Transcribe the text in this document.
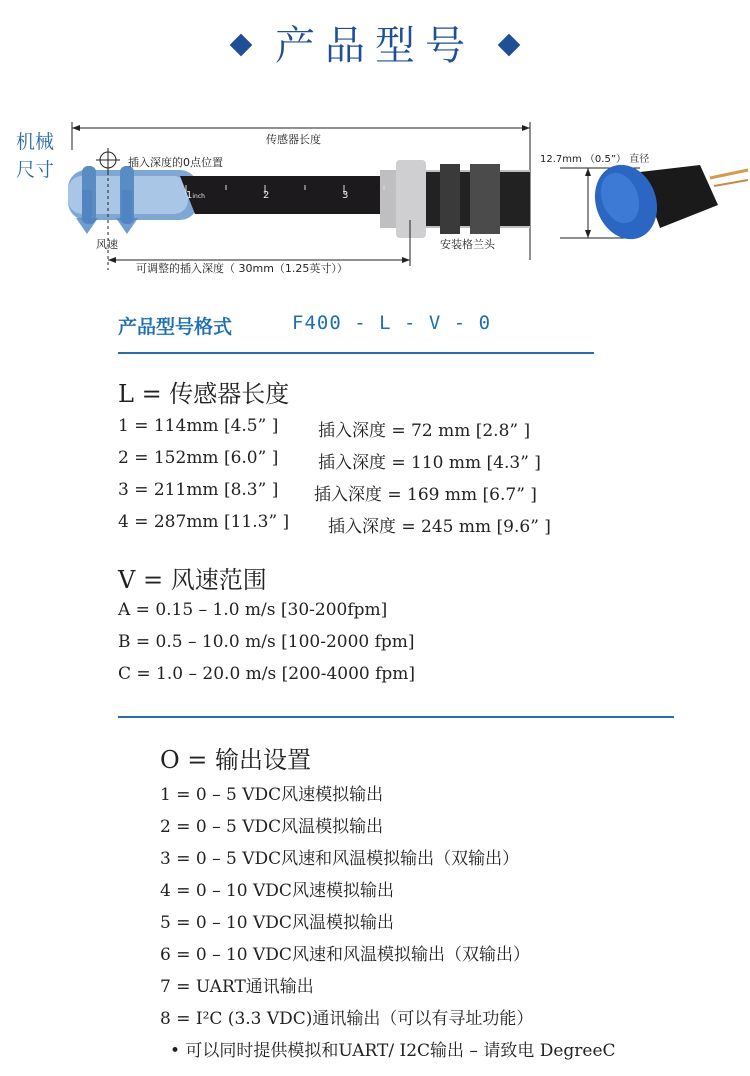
产品型号
机械尺寸
传感器长度
插入深度的0点位置
风速
可调整的插入深度（ 30mm（1.25英寸））
安装格兰头
12.7mm （0.5”） 直径
1inch	2	3
产品型号格式	F400 - L - V - 0
L = 传感器长度
1 = 114mm [4.5” ] 插入深度 = 72 mm [2.8” ]
2 = 152mm [6.0” ] 插入深度 = 110 mm [4.3” ]
3 = 211mm [8.3” ] 插入深度 = 169 mm [6.7” ]
4 = 287mm [11.3” ] 插入深度 = 245 mm [9.6” ]
V = 风速范围
A = 0.15 – 1.0 m/s [30-200fpm]
B = 0.5 – 10.0 m/s [100-2000 fpm]
C = 1.0 – 20.0 m/s [200-4000 fpm]
O = 输出设置
1 = 0 – 5 VDC风速模拟输出
2 = 0 – 5 VDC风温模拟输出
3 = 0 – 5 VDC风速和风温模拟输出（双输出）
4 = 0 – 10 VDC风速模拟输出
5 = 0 – 10 VDC风温模拟输出
6 = 0 – 10 VDC风速和风温模拟输出（双输出）
7 = UART通讯输出
8 = I²C (3.3 VDC)通讯输出（可以有寻址功能）
• 可以同时提供模拟和UART/ I2C输出 – 请致电 DegreeC
